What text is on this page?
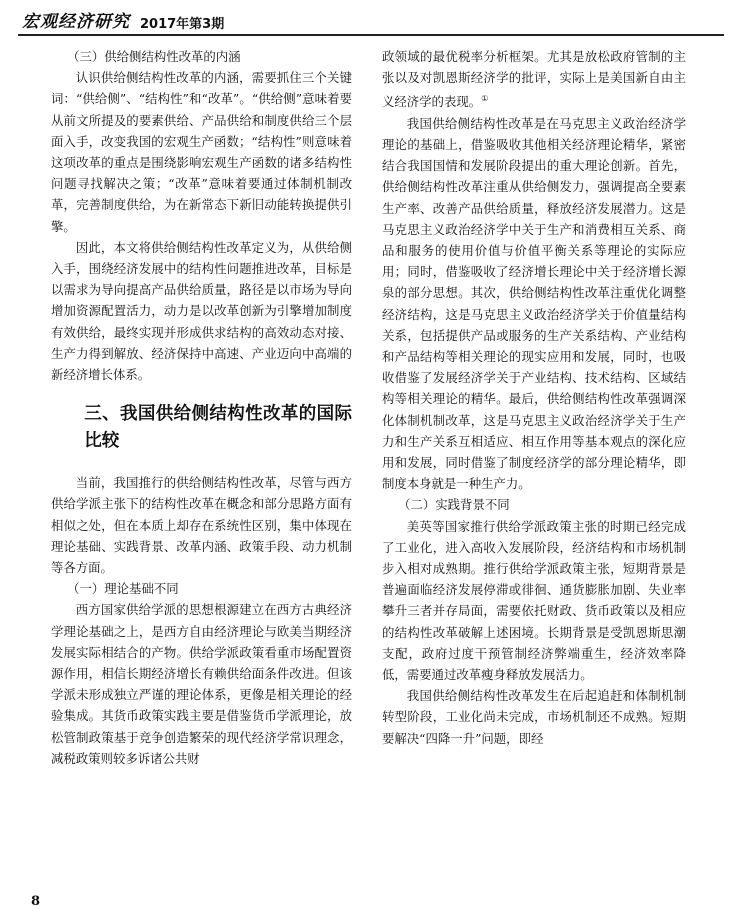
宏观经济研究 2017年第3期
（三）供给侧结构性改革的内涵

认识供给侧结构性改革的内涵，需要抓住三个关键词：“供给侧”、“结构性”和“改革”。“供给侧”意味着要从前文所提及的要素供给、产品供给和制度供给三个层面入手，改变我国的宏观生产函数；“结构性”则意味着这项改革的重点是围绕影响宏观生产函数的诸多结构性问题寻找解决之策；“改革”意味着要通过体制机制改革，完善制度供给，为在新常态下新旧动能转换提供引擎。

因此，本文将供给侧结构性改革定义为，从供给侧入手，围绕经济发展中的结构性问题推进改革，目标是以需求为导向提高产品供给质量，路径是以市场为导向增加资源配置活力，动力是以改革创新为引擎增加制度有效供给，最终实现并形成供求结构的高效动态对接、生产力得到解放、经济保持中高速、产业迈向中高端的新经济增长体系。

三、我国供给侧结构性改革的国际比较

当前，我国推行的供给侧结构性改革，尽管与西方供给学派主张下的结构性改革在概念和部分思路方面有相似之处，但在本质上却存在系统性区别，集中体现在理论基础、实践背景、改革内涵、政策手段、动力机制等各方面。

（一）理论基础不同

西方国家供给学派的思想根源建立在西方古典经济学理论基础之上，是西方自由经济理论与欧美当期经济发展实际相结合的产物。供给学派政策看重市场配置资源作用，相信长期经济增长有赖供给面条件改进。但该学派未形成独立严谨的理论体系，更像是相关理论的经验集成。其货币政策实践主要是借鉴货币学派理论，放松管制政策基于竞争创造繁荣的现代经济学常识理念，减税政策则较多诉诸公共财

政领域的最优税率分析框架。尤其是放松政府管制的主张以及对凯恩斯经济学的批评，实际上是美国新自由主义经济学的表现。①

我国供给侧结构性改革是在马克思主义政治经济学理论的基础上，借鉴吸收其他相关经济理论精华，紧密结合我国国情和发展阶段提出的重大理论创新。首先，供给侧结构性改革注重从供给侧发力，强调提高全要素生产率、改善产品供给质量，释放经济发展潜力。这是马克思主义政治经济学中关于生产和消费相互关系、商品和服务的使用价值与价值平衡关系等理论的实际应用；同时，借鉴吸收了经济增长理论中关于经济增长源泉的部分思想。其次，供给侧结构性改革注重优化调整经济结构，这是马克思主义政治经济学关于价值量结构关系，包括提供产品或服务的生产关系结构、产业结构和产品结构等相关理论的现实应用和发展，同时，也吸收借鉴了发展经济学关于产业结构、技术结构、区域结构等相关理论的精华。最后，供给侧结构性改革强调深化体制机制改革，这是马克思主义政治经济学关于生产力和生产关系互相适应、相互作用等基本观点的深化应用和发展，同时借鉴了制度经济学的部分理论精华，即制度本身就是一种生产力。

（二）实践背景不同

美英等国家推行供给学派政策主张的时期已经完成了工业化，进入高收入发展阶段，经济结构和市场机制步入相对成熟期。推行供给学派政策主张，短期背景是普遍面临经济发展停滞或徘徊、通货膨胀加剧、失业率攀升三者并存局面，需要依托财政、货币政策以及相应的结构性改革破解上述困境。长期背景是受凯恩斯思潮支配，政府过度干预管制经济弊端重生，经济效率降低，需要通过改革瘦身释放发展活力。

我国供给侧结构性改革发生在后起追赶和体制机制转型阶段，工业化尚未完成，市场机制还不成熟。短期要解决“四降一升”问题，即经

8
